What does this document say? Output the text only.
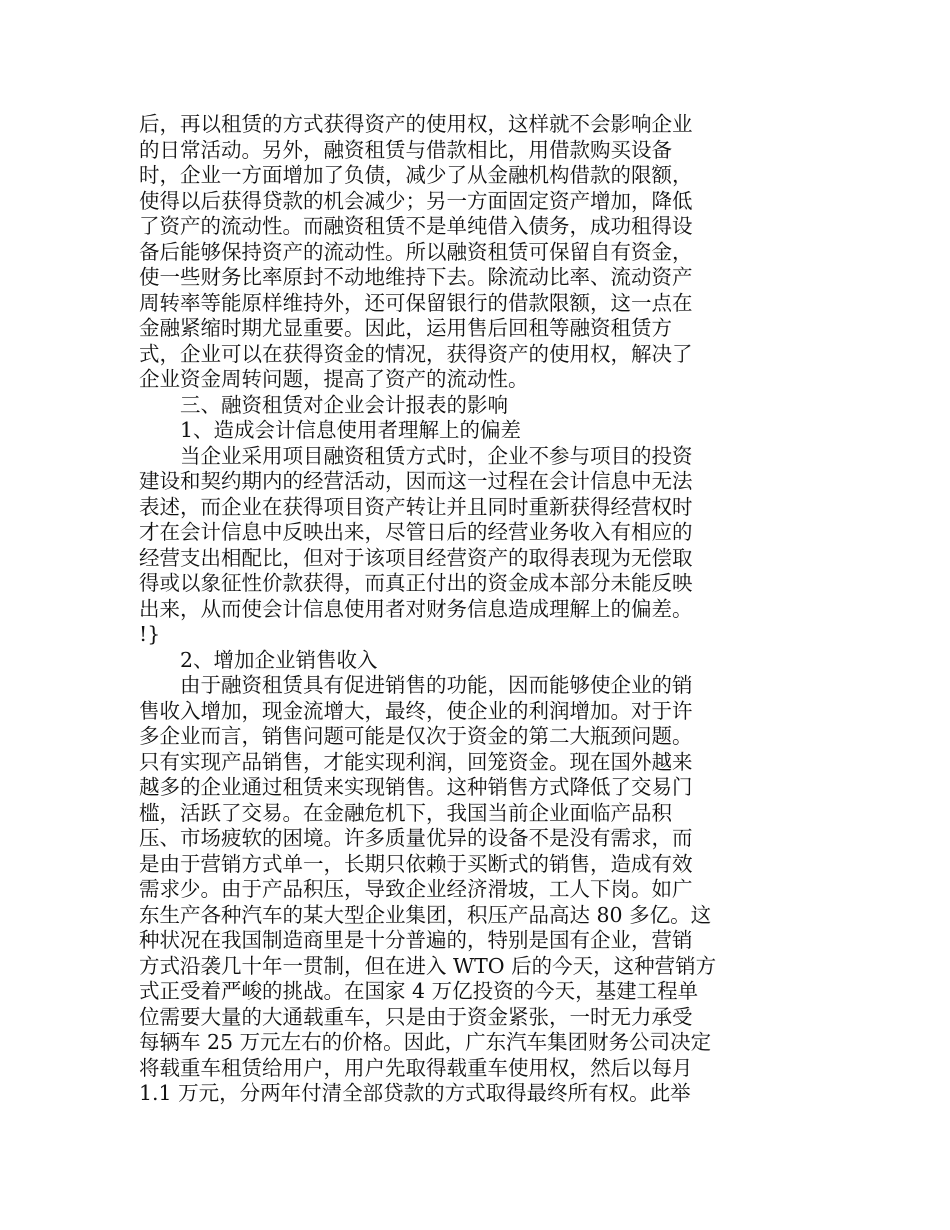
后，再以租赁的方式获得资产的使用权，这样就不会影响企业
的日常活动。另外，融资租赁与借款相比，用借款购买设备
时，企业一方面增加了负债，减少了从金融机构借款的限额，
使得以后获得贷款的机会减少；另一方面固定资产增加，降低
了资产的流动性。而融资租赁不是单纯借入债务，成功租得设
备后能够保持资产的流动性。所以融资租赁可保留自有资金，
使一些财务比率原封不动地维持下去。除流动比率、流动资产
周转率等能原样维持外，还可保留银行的借款限额，这一点在
金融紧缩时期尤显重要。因此，运用售后回租等融资租赁方
式，企业可以在获得资金的情况，获得资产的使用权，解决了
企业资金周转问题，提高了资产的流动性。
三、融资租赁对企业会计报表的影响
1、造成会计信息使用者理解上的偏差
当企业采用项目融资租赁方式时，企业不参与项目的投资
建设和契约期内的经营活动，因而这一过程在会计信息中无法
表述，而企业在获得项目资产转让并且同时重新获得经营权时
才在会计信息中反映出来，尽管日后的经营业务收入有相应的
经营支出相配比，但对于该项目经营资产的取得表现为无偿取
得或以象征性价款获得，而真正付出的资金成本部分未能反映
出来，从而使会计信息使用者对财务信息造成理解上的偏差。
!}
2、增加企业销售收入
由于融资租赁具有促进销售的功能，因而能够使企业的销
售收入增加，现金流增大，最终，使企业的利润增加。对于许
多企业而言，销售问题可能是仅次于资金的第二大瓶颈问题。
只有实现产品销售，才能实现利润，回笼资金。现在国外越来
越多的企业通过租赁来实现销售。这种销售方式降低了交易门
槛，活跃了交易。在金融危机下，我国当前企业面临产品积
压、市场疲软的困境。许多质量优异的设备不是没有需求，而
是由于营销方式单一，长期只依赖于买断式的销售，造成有效
需求少。由于产品积压，导致企业经济滑坡，工人下岗。如广
东生产各种汽车的某大型企业集团，积压产品高达 80 多亿。这
种状况在我国制造商里是十分普遍的，特别是国有企业，营销
方式沿袭几十年一贯制，但在进入 WTO 后的今天，这种营销方
式正受着严峻的挑战。在国家 4 万亿投资的今天，基建工程单
位需要大量的大通载重车，只是由于资金紧张，一时无力承受
每辆车 25 万元左右的价格。因此，广东汽车集团财务公司决定
将载重车租赁给用户，用户先取得载重车使用权，然后以每月
1.1 万元，分两年付清全部贷款的方式取得最终所有权。此举
